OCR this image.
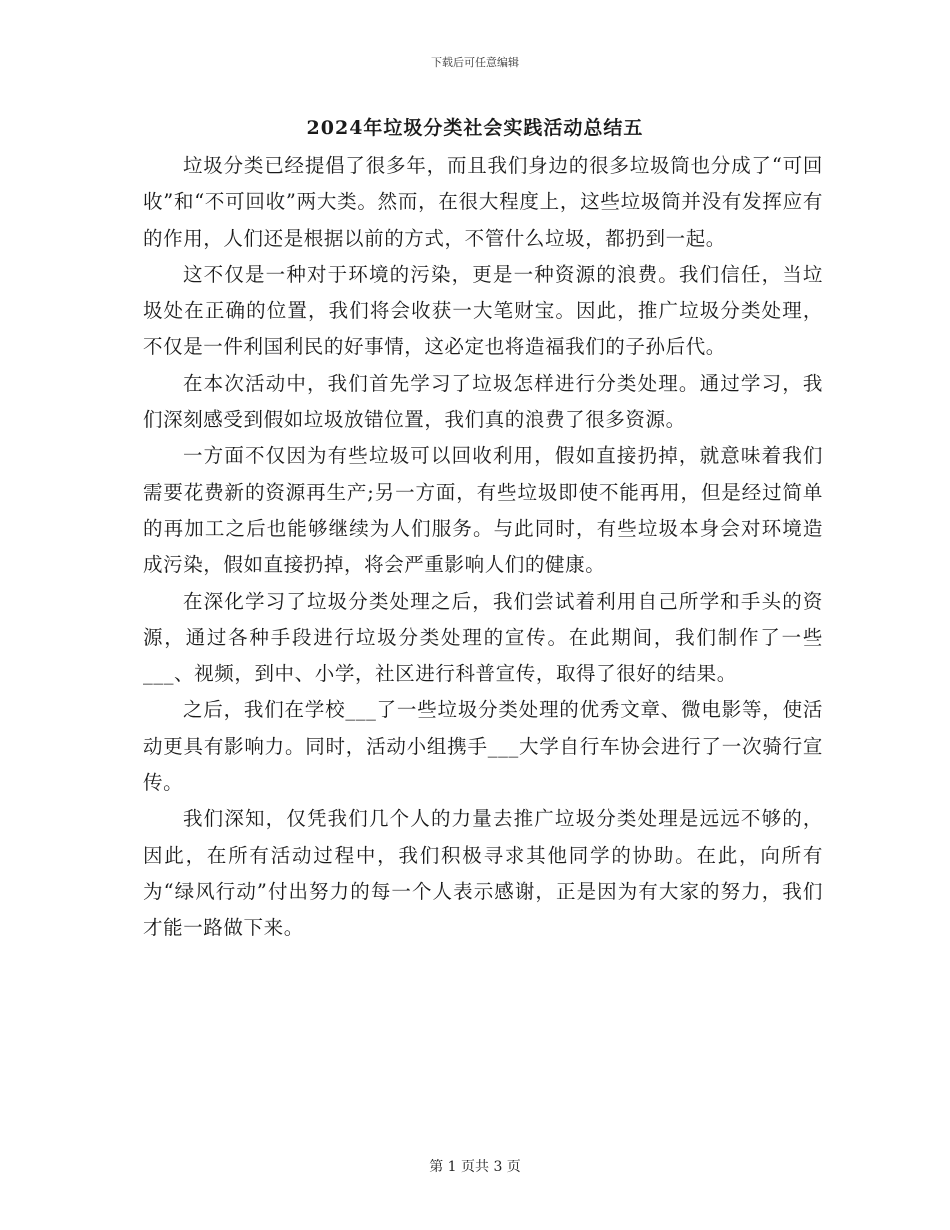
下载后可任意编辑
2024年垃圾分类社会实践活动总结五

垃圾分类已经提倡了很多年，而且我们身边的很多垃圾筒也分成了“可回收”和“不可回收”两大类。然而，在很大程度上，这些垃圾筒并没有发挥应有的作用，人们还是根据以前的方式，不管什么垃圾，都扔到一起。

这不仅是一种对于环境的污染，更是一种资源的浪费。我们信任，当垃圾处在正确的位置，我们将会收获一大笔财宝。因此，推广垃圾分类处理，不仅是一件利国利民的好事情，这必定也将造福我们的子孙后代。

在本次活动中，我们首先学习了垃圾怎样进行分类处理。通过学习，我们深刻感受到假如垃圾放错位置，我们真的浪费了很多资源。

一方面不仅因为有些垃圾可以回收利用，假如直接扔掉，就意味着我们需要花费新的资源再生产;另一方面，有些垃圾即使不能再用，但是经过简单的再加工之后也能够继续为人们服务。与此同时，有些垃圾本身会对环境造成污染，假如直接扔掉，将会严重影响人们的健康。

在深化学习了垃圾分类处理之后，我们尝试着利用自己所学和手头的资源，通过各种手段进行垃圾分类处理的宣传。在此期间，我们制作了一些___、视频，到中、小学，社区进行科普宣传，取得了很好的结果。

之后，我们在学校___了一些垃圾分类处理的优秀文章、微电影等，使活动更具有影响力。同时，活动小组携手___大学自行车协会进行了一次骑行宣传。

我们深知，仅凭我们几个人的力量去推广垃圾分类处理是远远不够的，因此，在所有活动过程中，我们积极寻求其他同学的协助。在此，向所有为“绿风行动”付出努力的每一个人表示感谢，正是因为有大家的努力，我们才能一路做下来。

第 1 页共 3 页
